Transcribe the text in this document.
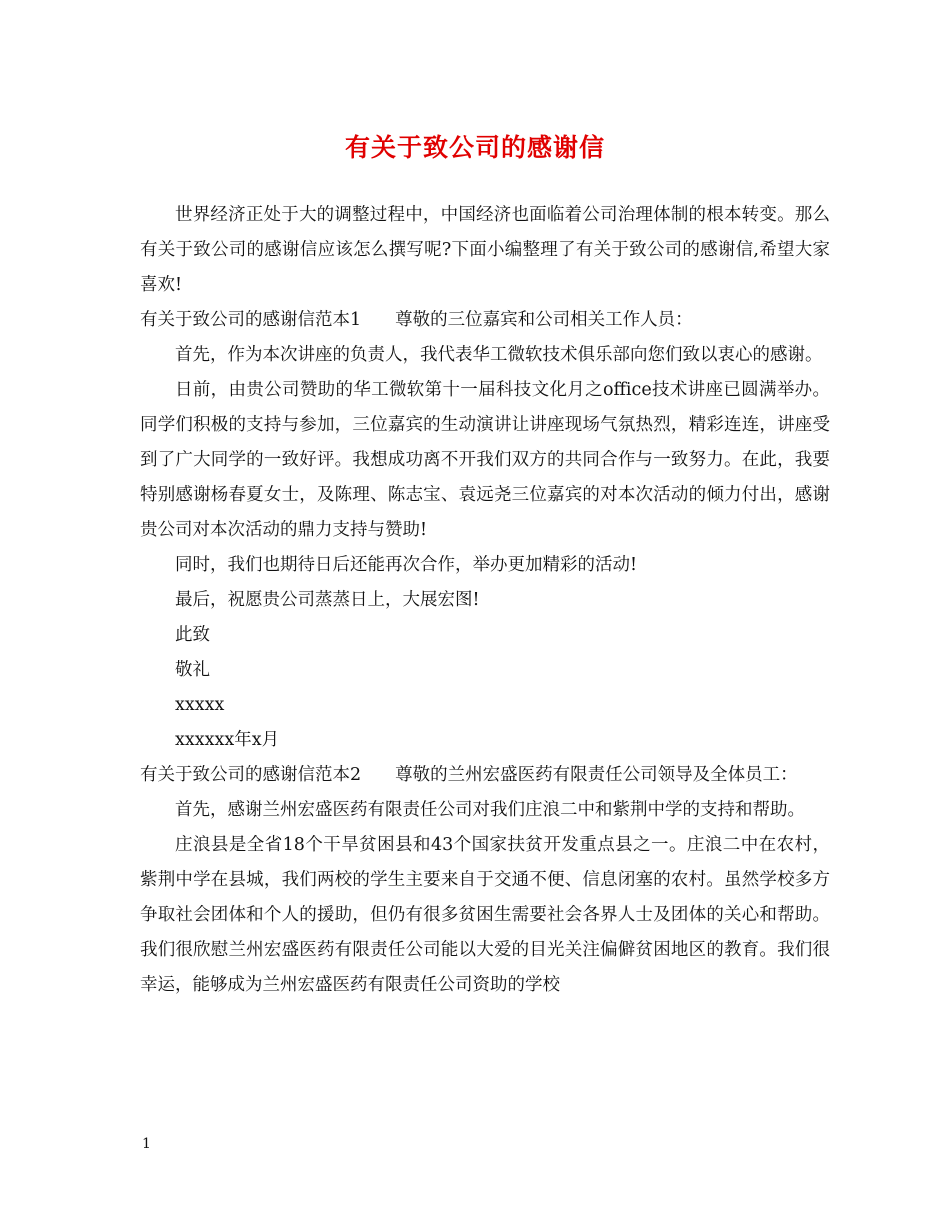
有关于致公司的感谢信

世界经济正处于大的调整过程中，中国经济也面临着公司治理体制的根本转变。那么有关于致公司的感谢信应该怎么撰写呢?下面小编整理了有关于致公司的感谢信,希望大家喜欢!

有关于致公司的感谢信范本1 尊敬的三位嘉宾和公司相关工作人员：

首先，作为本次讲座的负责人，我代表华工微软技术俱乐部向您们致以衷心的感谢。

日前，由贵公司赞助的华工微软第十一届科技文化月之office技术讲座已圆满举办。同学们积极的支持与参加，三位嘉宾的生动演讲让讲座现场气氛热烈，精彩连连，讲座受到了广大同学的一致好评。我想成功离不开我们双方的共同合作与一致努力。在此，我要特别感谢杨春夏女士，及陈理、陈志宝、袁远尧三位嘉宾的对本次活动的倾力付出，感谢贵公司对本次活动的鼎力支持与赞助!

同时，我们也期待日后还能再次合作，举办更加精彩的活动!

最后，祝愿贵公司蒸蒸日上，大展宏图!

此致

敬礼

xxxxx

xxxxxx年x月

有关于致公司的感谢信范本2 尊敬的兰州宏盛医药有限责任公司领导及全体员工：

首先，感谢兰州宏盛医药有限责任公司对我们庄浪二中和紫荆中学的支持和帮助。

庄浪县是全省18个干旱贫困县和43个国家扶贫开发重点县之一。庄浪二中在农村，紫荆中学在县城，我们两校的学生主要来自于交通不便、信息闭塞的农村。虽然学校多方争取社会团体和个人的援助，但仍有很多贫困生需要社会各界人士及团体的关心和帮助。我们很欣慰兰州宏盛医药有限责任公司能以大爱的目光关注偏僻贫困地区的教育。我们很幸运，能够成为兰州宏盛医药有限责任公司资助的学校

1
